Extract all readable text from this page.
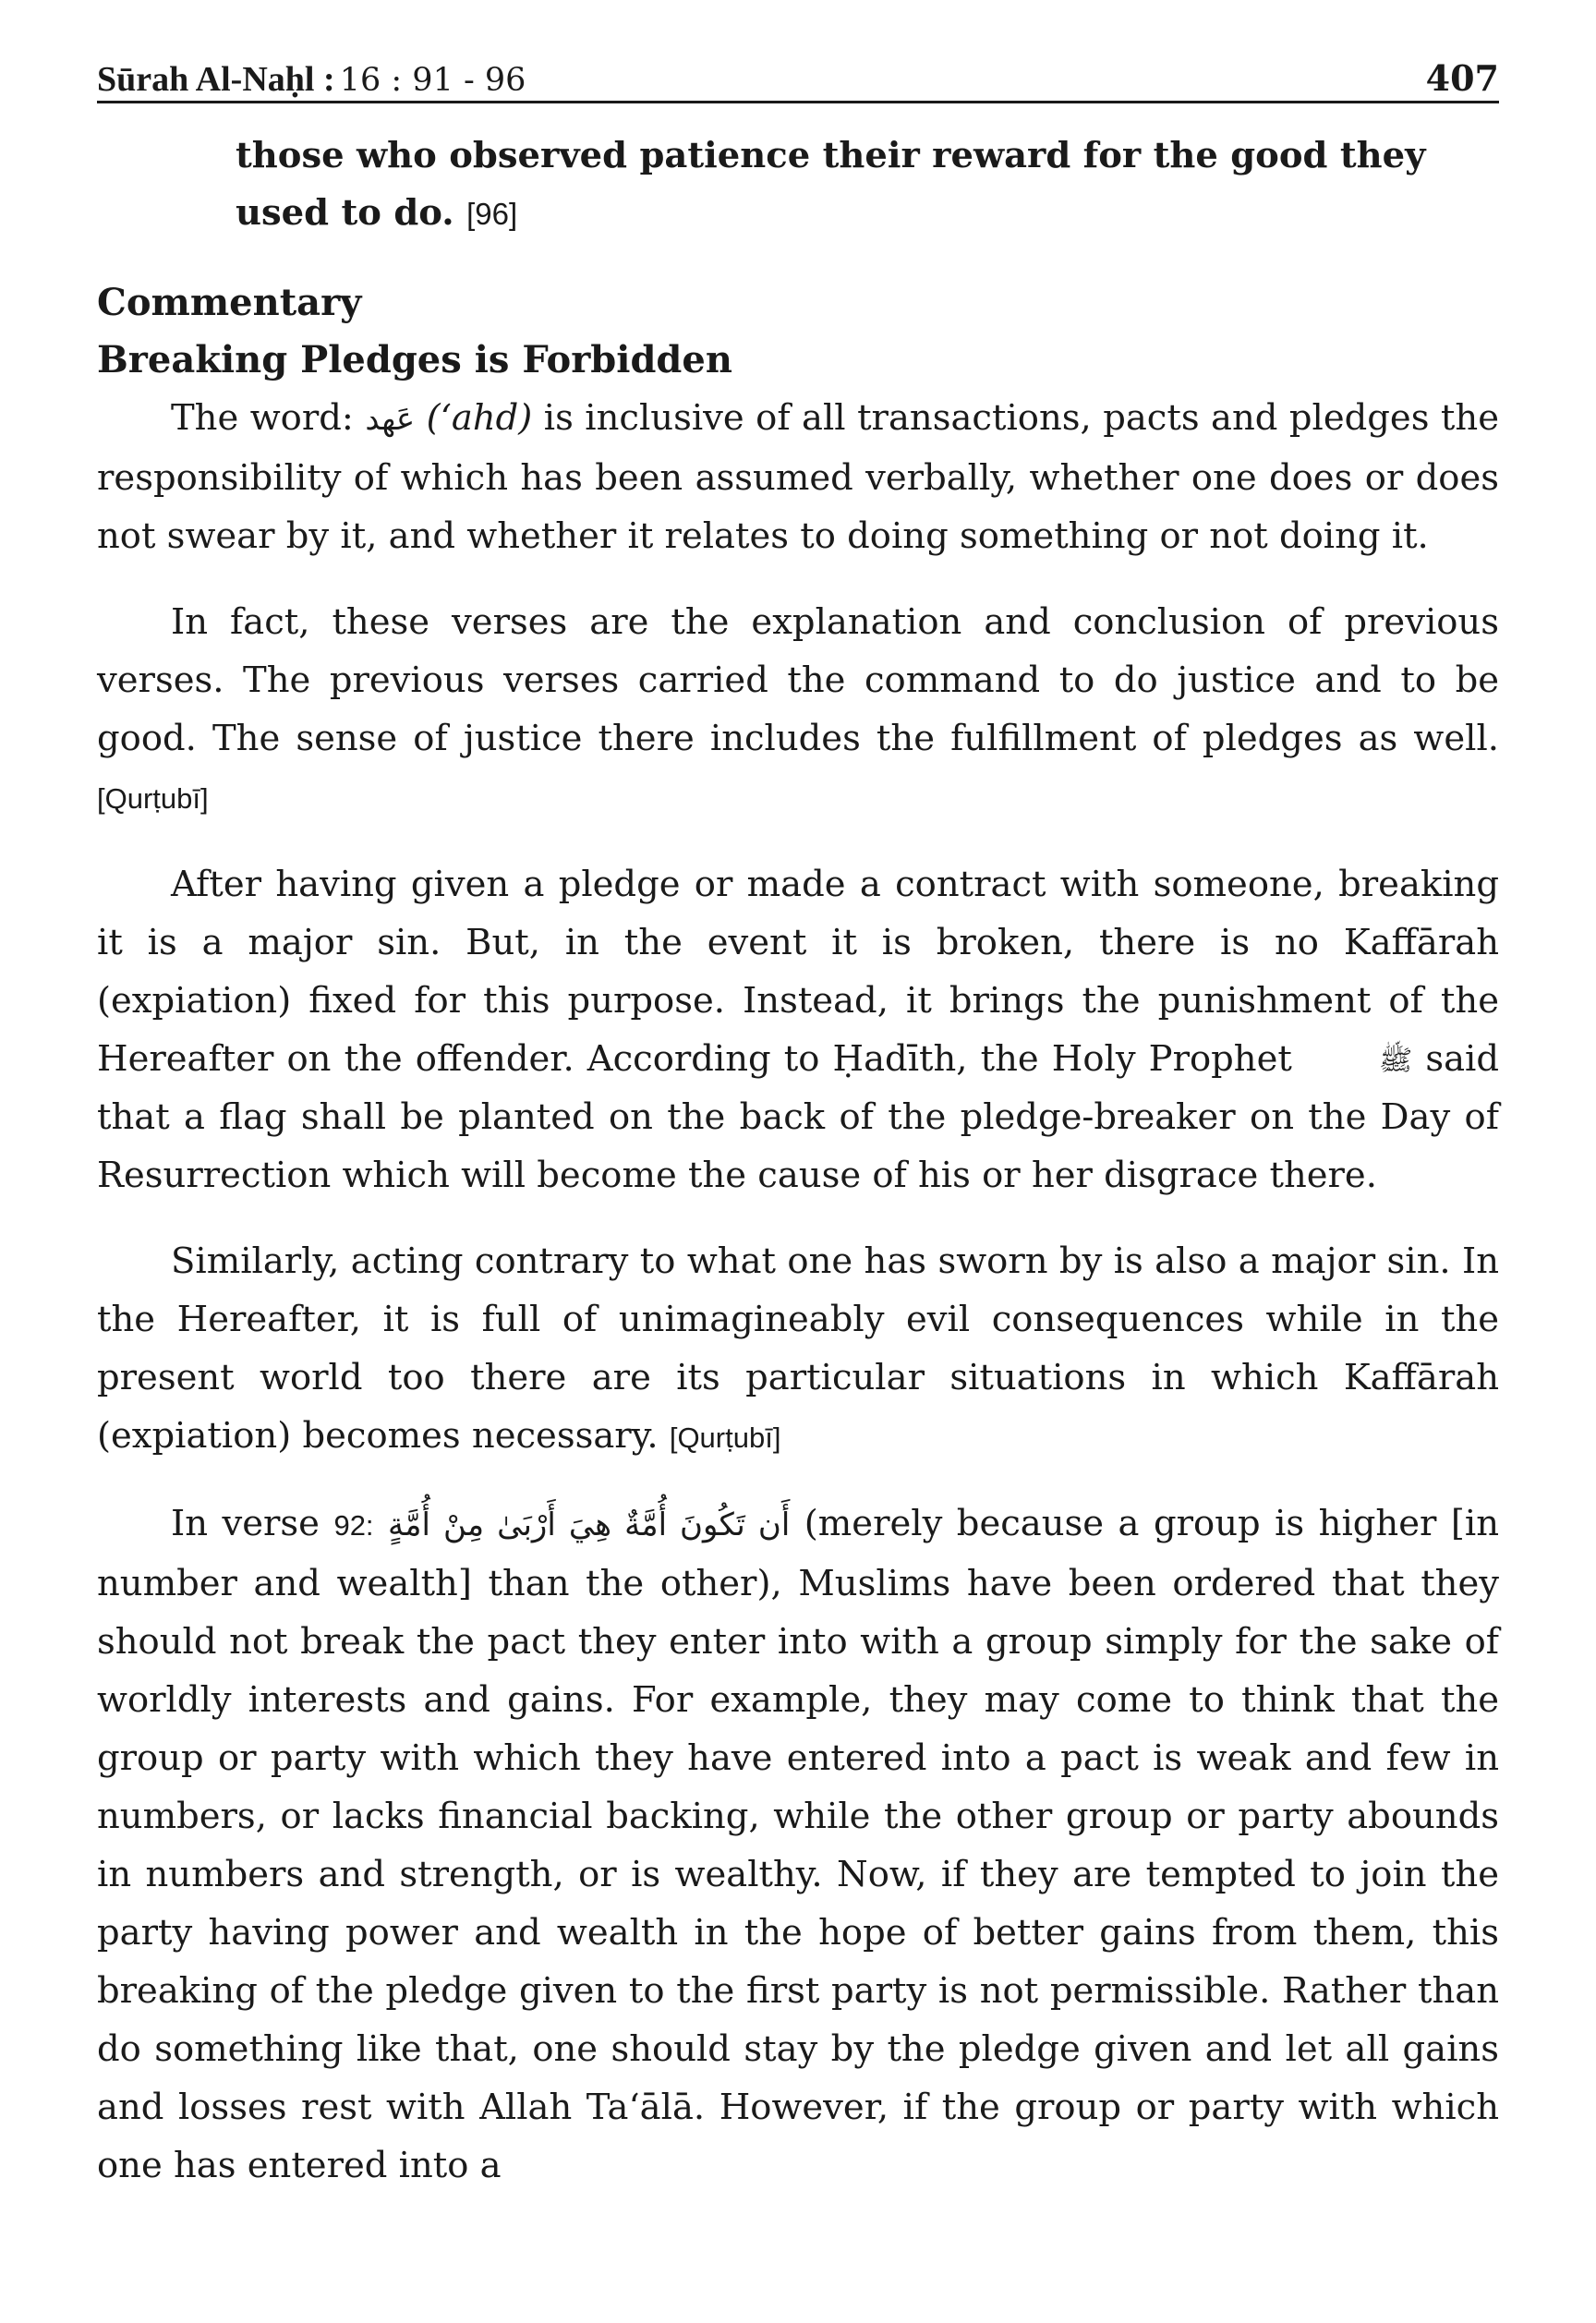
Sūrah Al-Naḥl : 16 : 91 - 96	407
those who observed patience their reward for the good they used to do. [96]
Commentary
Breaking Pledges is Forbidden

The word: عَهد (‘ahd) is inclusive of all transactions, pacts and pledges the responsibility of which has been assumed verbally, whether one does or does not swear by it, and whether it relates to doing something or not doing it.

In fact, these verses are the explanation and conclusion of previous verses. The previous verses carried the command to do justice and to be good. The sense of justice there includes the fulfillment of pledges as well. [Qurṭubī]

After having given a pledge or made a contract with someone, breaking it is a major sin. But, in the event it is broken, there is no Kaffārah (expiation) fixed for this purpose. Instead, it brings the punishment of the Hereafter on the offender. According to Ḥadīth, the Holy Prophet	ﷺ said that a flag shall be planted on the back of the pledge-breaker on the Day of Resurrection which will become the cause of his or her disgrace there.

Similarly, acting contrary to what one has sworn by is also a major sin. In the Hereafter, it is full of unimagineably evil consequences while in the present world too there are its particular situations in which Kaffārah (expiation) becomes necessary. [Qurṭubī]

In verse 92: أَن تَكُونَ أُمَّةٌ هِيَ أَرْبَىٰ مِنْ أُمَّةٍ (merely because a group is higher [in number and wealth] than the other), Muslims have been ordered that they should not break the pact they enter into with a group simply for the sake of worldly interests and gains. For example, they may come to think that the group or party with which they have entered into a pact is weak and few in numbers, or lacks financial backing, while the other group or party abounds in numbers and strength, or is wealthy. Now, if they are tempted to join the party having power and wealth in the hope of better gains from them, this breaking of the pledge given to the first party is not permissible. Rather than do something like that, one should stay by the pledge given and let all gains and losses rest with Allah Ta‘ālā. However, if the group or party with which one has entered into a
